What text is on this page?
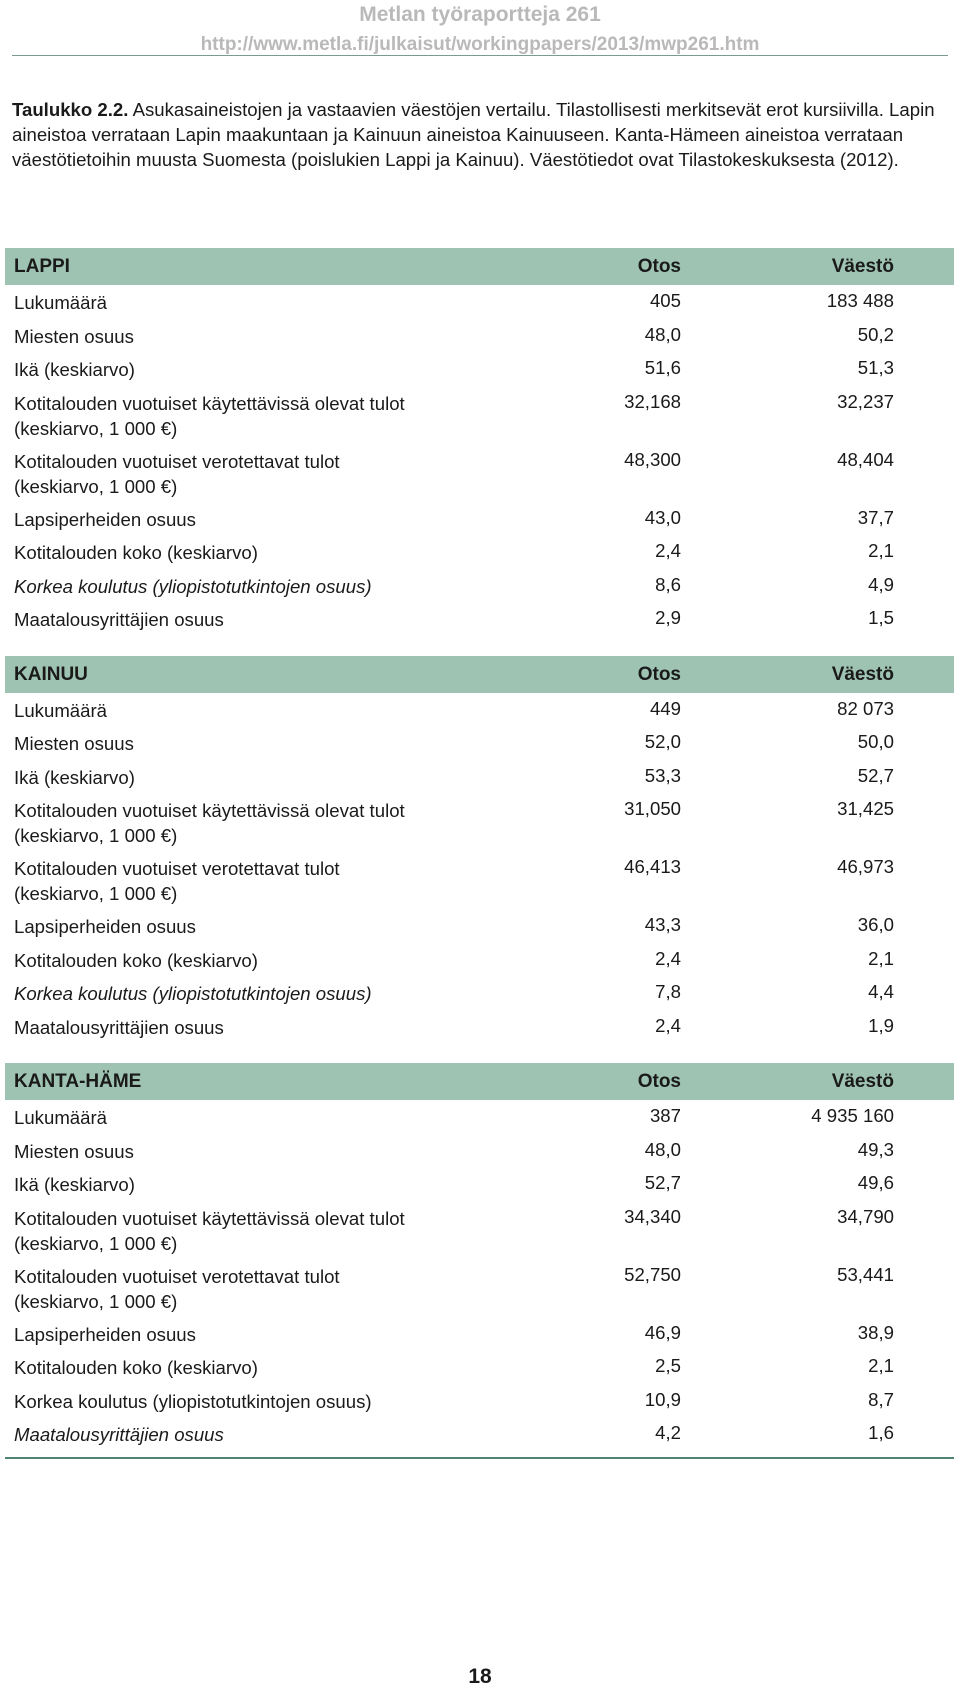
Metlan työraportteja 261
http://www.metla.fi/julkaisut/workingpapers/2013/mwp261.htm

Taulukko 2.2. Asukasaineistojen ja vastaavien väestöjen vertailu. Tilastollisesti merkitsevät erot kursiivilla. Lapin aineistoa verrataan Lapin maakuntaan ja Kainuun aineistoa Kainuuseen. Kanta-Hämeen aineistoa verrataan väestötietoihin muusta Suomesta (poislukien Lappi ja Kainuu). Väestötiedot ovat Tilastokeskuksesta (2012).

LAPPI	Otos	Väestö
Lukumäärä	405	183 488
Miesten osuus	48,0	50,2
Ikä (keskiarvo)	51,6	51,3
Kotitalouden vuotuiset käytettävissä olevat tulot
(keskiarvo, 1 000 €)
32,168	32,237
Kotitalouden vuotuiset verotettavat tulot
(keskiarvo, 1 000 €)
48,300	48,404
Lapsiperheiden osuus	43,0	37,7
Kotitalouden koko (keskiarvo)	2,4	2,1
Korkea koulutus (yliopistotutkintojen osuus)	8,6	4,9
Maatalousyrittäjien osuus	2,9	1,5
KAINUU	Otos	Väestö
Lukumäärä	449	82 073
Miesten osuus	52,0	50,0
Ikä (keskiarvo)	53,3	52,7
Kotitalouden vuotuiset käytettävissä olevat tulot
(keskiarvo, 1 000 €)
31,050	31,425
Kotitalouden vuotuiset verotettavat tulot
(keskiarvo, 1 000 €)
46,413	46,973
Lapsiperheiden osuus	43,3	36,0
Kotitalouden koko (keskiarvo)	2,4	2,1
Korkea koulutus (yliopistotutkintojen osuus)	7,8	4,4
Maatalousyrittäjien osuus	2,4	1,9
KANTA-HÄME	Otos	Väestö
Lukumäärä	387	4 935 160
Miesten osuus	48,0	49,3
Ikä (keskiarvo)	52,7	49,6
Kotitalouden vuotuiset käytettävissä olevat tulot
(keskiarvo, 1 000 €)
34,340	34,790
Kotitalouden vuotuiset verotettavat tulot
(keskiarvo, 1 000 €)
52,750	53,441
Lapsiperheiden osuus	46,9	38,9
Kotitalouden koko (keskiarvo)	2,5	2,1
Korkea koulutus (yliopistotutkintojen osuus)	10,9	8,7
Maatalousyrittäjien osuus	4,2	1,6
18
